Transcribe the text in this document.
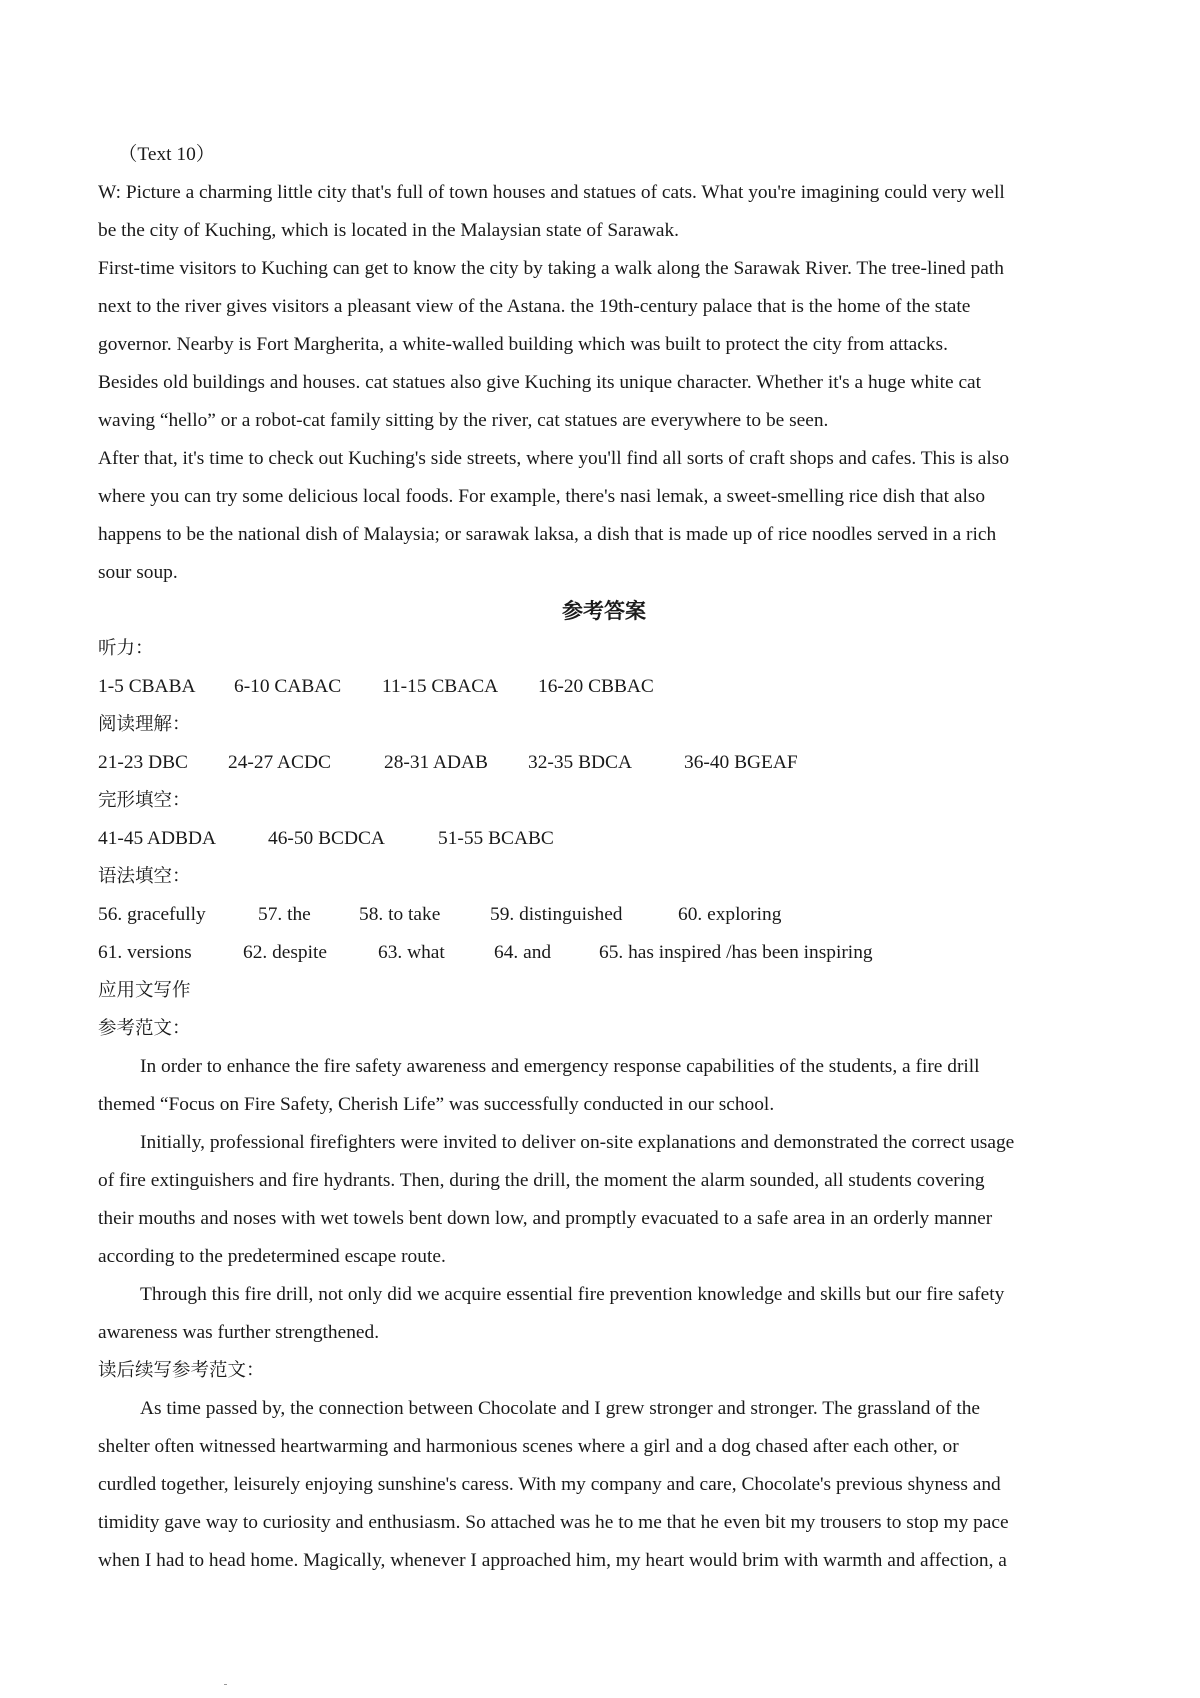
（Text 10）

W: Picture a charming little city that's full of town houses and statues of cats. What you're imagining could very well

be the city of Kuching, which is located in the Malaysian state of Sarawak.

First-time visitors to Kuching can get to know the city by taking a walk along the Sarawak River. The tree-lined path

next to the river gives visitors a pleasant view of the Astana. the 19th-century palace that is the home of the state

governor. Nearby is Fort Margherita, a white-walled building which was built to protect the city from attacks.

Besides old buildings and houses. cat statues also give Kuching its unique character. Whether it's a huge white cat

waving “hello” or a robot-cat family sitting by the river, cat statues are everywhere to be seen.

After that, it's time to check out Kuching's side streets, where you'll find all sorts of craft shops and cafes. This is also

where you can try some delicious local foods. For example, there's nasi lemak, a sweet-smelling rice dish that also

happens to be the national dish of Malaysia; or sarawak laksa, a dish that is made up of rice noodles served in a rich

sour soup.

参考答案

听力：

1-5 CBABA	6-10 CABAC	11-15 CBACA	16-20 CBBAC

阅读理解：

21-23 DBC	24-27 ACDC	28-31 ADAB	32-35 BDCA	36-40 BGEAF

完形填空：

41-45 ADBDA	46-50 BCDCA	51-55 BCABC

语法填空：

56. gracefully	57. the	58. to take	59. distinguished	60. exploring
61. versions	62. despite	63. what	64. and	65. has inspired /has been inspiring

应用文写作

参考范文：

In order to enhance the fire safety awareness and emergency response capabilities of the students, a fire drill

themed “Focus on Fire Safety, Cherish Life” was successfully conducted in our school.

Initially, professional firefighters were invited to deliver on-site explanations and demonstrated the correct usage

of fire extinguishers and fire hydrants. Then, during the drill, the moment the alarm sounded, all students covering

their mouths and noses with wet towels bent down low, and promptly evacuated to a safe area in an orderly manner

according to the predetermined escape route.

Through this fire drill, not only did we acquire essential fire prevention knowledge and skills but our fire safety

awareness was further strengthened.

读后续写参考范文：

As time passed by, the connection between Chocolate and I grew stronger and stronger. The grassland of the

shelter often witnessed heartwarming and harmonious scenes where a girl and a dog chased after each other, or

curdled together, leisurely enjoying sunshine's caress. With my company and care, Chocolate's previous shyness and

timidity gave way to curiosity and enthusiasm. So attached was he to me that he even bit my trousers to stop my pace

when I had to head home. Magically, whenever I approached him, my heart would brim with warmth and affection, a
